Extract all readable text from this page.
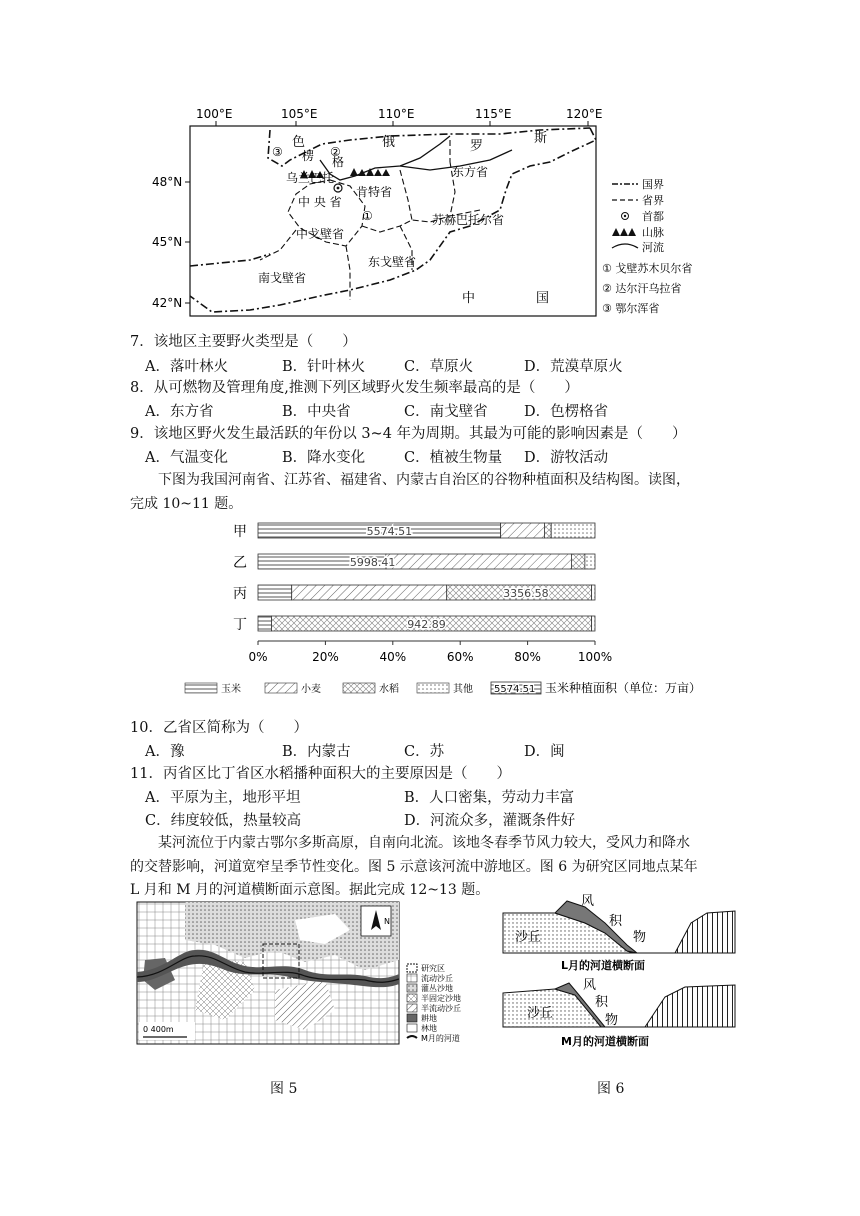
100°E	105°E	110°E	115°E	120°E
48°N
45°N
42°N
色	俄	罗
斯
楞 格
③	②
乌兰巴托	东方省
肯特省
中 央 省
①	苏赫巴托尔省
中戈壁省
东戈壁省
南戈壁省
中	国
国界
省界
首都
山脉
河流
① 戈壁苏木贝尔省
② 达尔汗乌拉省
③ 鄂尔浑省
7．该地区主要野火类型是（　　）
A．落叶林火	B．针叶林火	C．草原火	D．荒漠草原火
8．从可燃物及管理角度,推测下列区域野火发生频率最高的是（　　）
A．东方省	B．中央省	C．南戈壁省	D．色楞格省
9．该地区野火发生最活跃的年份以 3~4 年为周期。其最为可能的影响因素是（　　）
A．气温变化	B．降水变化	C．植被生物量 D．游牧活动
下图为我国河南省、江苏省、福建省、内蒙古自治区的谷物种植面积及结构图。读图，
完成 10~11 题。
5574.51
5998.41
3356.58
942.89
甲
乙
丙
丁
0%	20%	40%	60%	80%	100%
玉米	小麦	水稻	其他 5574.51 玉米种植面积（单位：万亩）
10．乙省区简称为（　　）
A．豫	B．内蒙古	C．苏	D．闽
11．丙省区比丁省区水稻播种面积大的主要原因是（　　）
A．平原为主，地形平坦	B．人口密集，劳动力丰富
C．纬度较低，热量较高	D．河流众多，灌溉条件好
某河流位于内蒙古鄂尔多斯高原，自南向北流。该地冬春季节风力较大，受风力和降水
的交替影响，河道宽窄呈季节性变化。图 5 示意该河流中游地区。图 6 为研究区同地点某年
L 月和 M 月的河道横断面示意图。据此完成 12~13 题。
N
0 400m
研究区
流动沙丘
灌丛沙地
半固定沙地
半流动沙丘
耕地
林地
M月的河道
沙丘
风
积
物
L月的河道横断面
沙丘
风
积
物
M月的河道横断面
图 5	图 6
